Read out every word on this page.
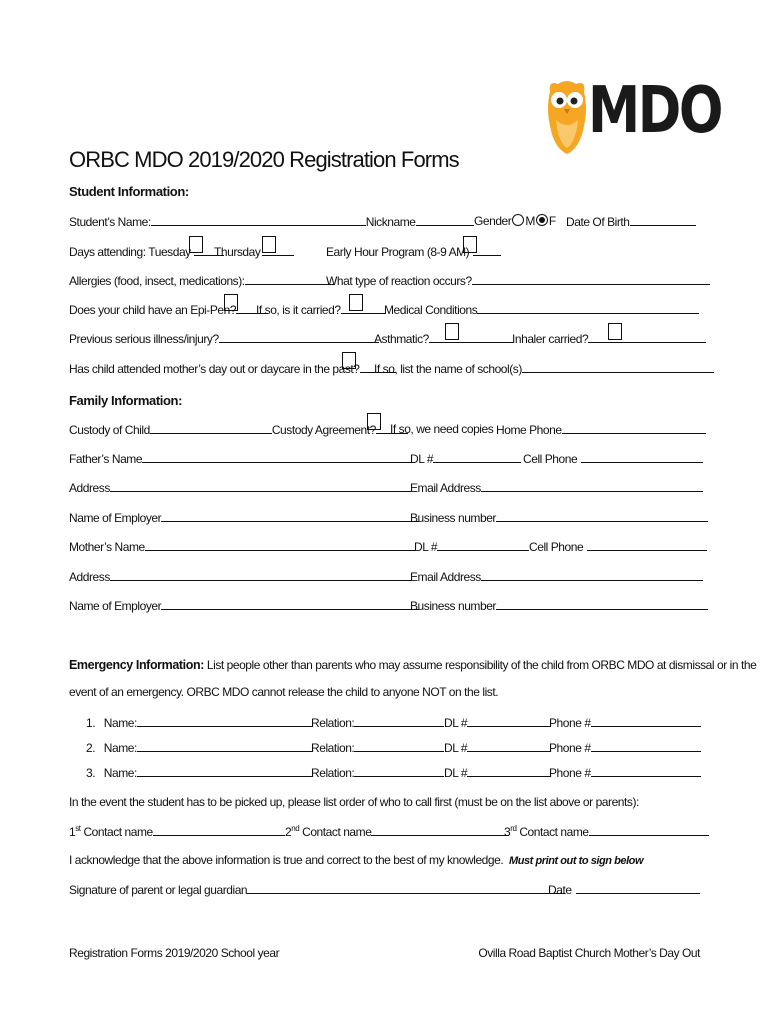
MDO
ORBC MDO 2019/2020 Registration Forms
Student Information:
Student’s Name:	Nickname	Gender M F Date Of Birth
Days attending: Tuesday	Thursday	Early Hour Program (8-9 AM)
Allergies (food, insect, medications):	What type of reaction occurs?
Does your child have an Epi-Pen?	If so, is it carried?	Medical Conditions
Previous serious illness/injury?	Asthmatic?	Inhaler carried?
Has child attended mother’s day out or daycare in the past?	If so, list the name of school(s)
Family Information:
Custody of Child	Custody Agreement?	If so, we need copies Home Phone
Father’s Name	DL #	Cell Phone
Address	Email Address
Name of Employer	Business number
Mother’s Name	DL #	Cell Phone
Address	Email Address
Name of Employer	Business number
Emergency Information: List people other than parents who may assume responsibility of the child from ORBC MDO at dismissal or in the
event of an emergency. ORBC MDO cannot release the child to anyone NOT on the list.
1. Name:	Relation:	DL #	Phone #
2. Name:	Relation:	DL #	Phone #
3. Name:	Relation:	DL #	Phone #
In the event the student has to be picked up, please list order of who to call first (must be on the list above or parents):
1st Contact name	2nd Contact name	3rd Contact name
I acknowledge that the above information is true and correct to the best of my knowledge. Must print out to sign below
Signature of parent or legal guardian	Date
Registration Forms 2019/2020 School year	Ovilla Road Baptist Church Mother’s Day Out
